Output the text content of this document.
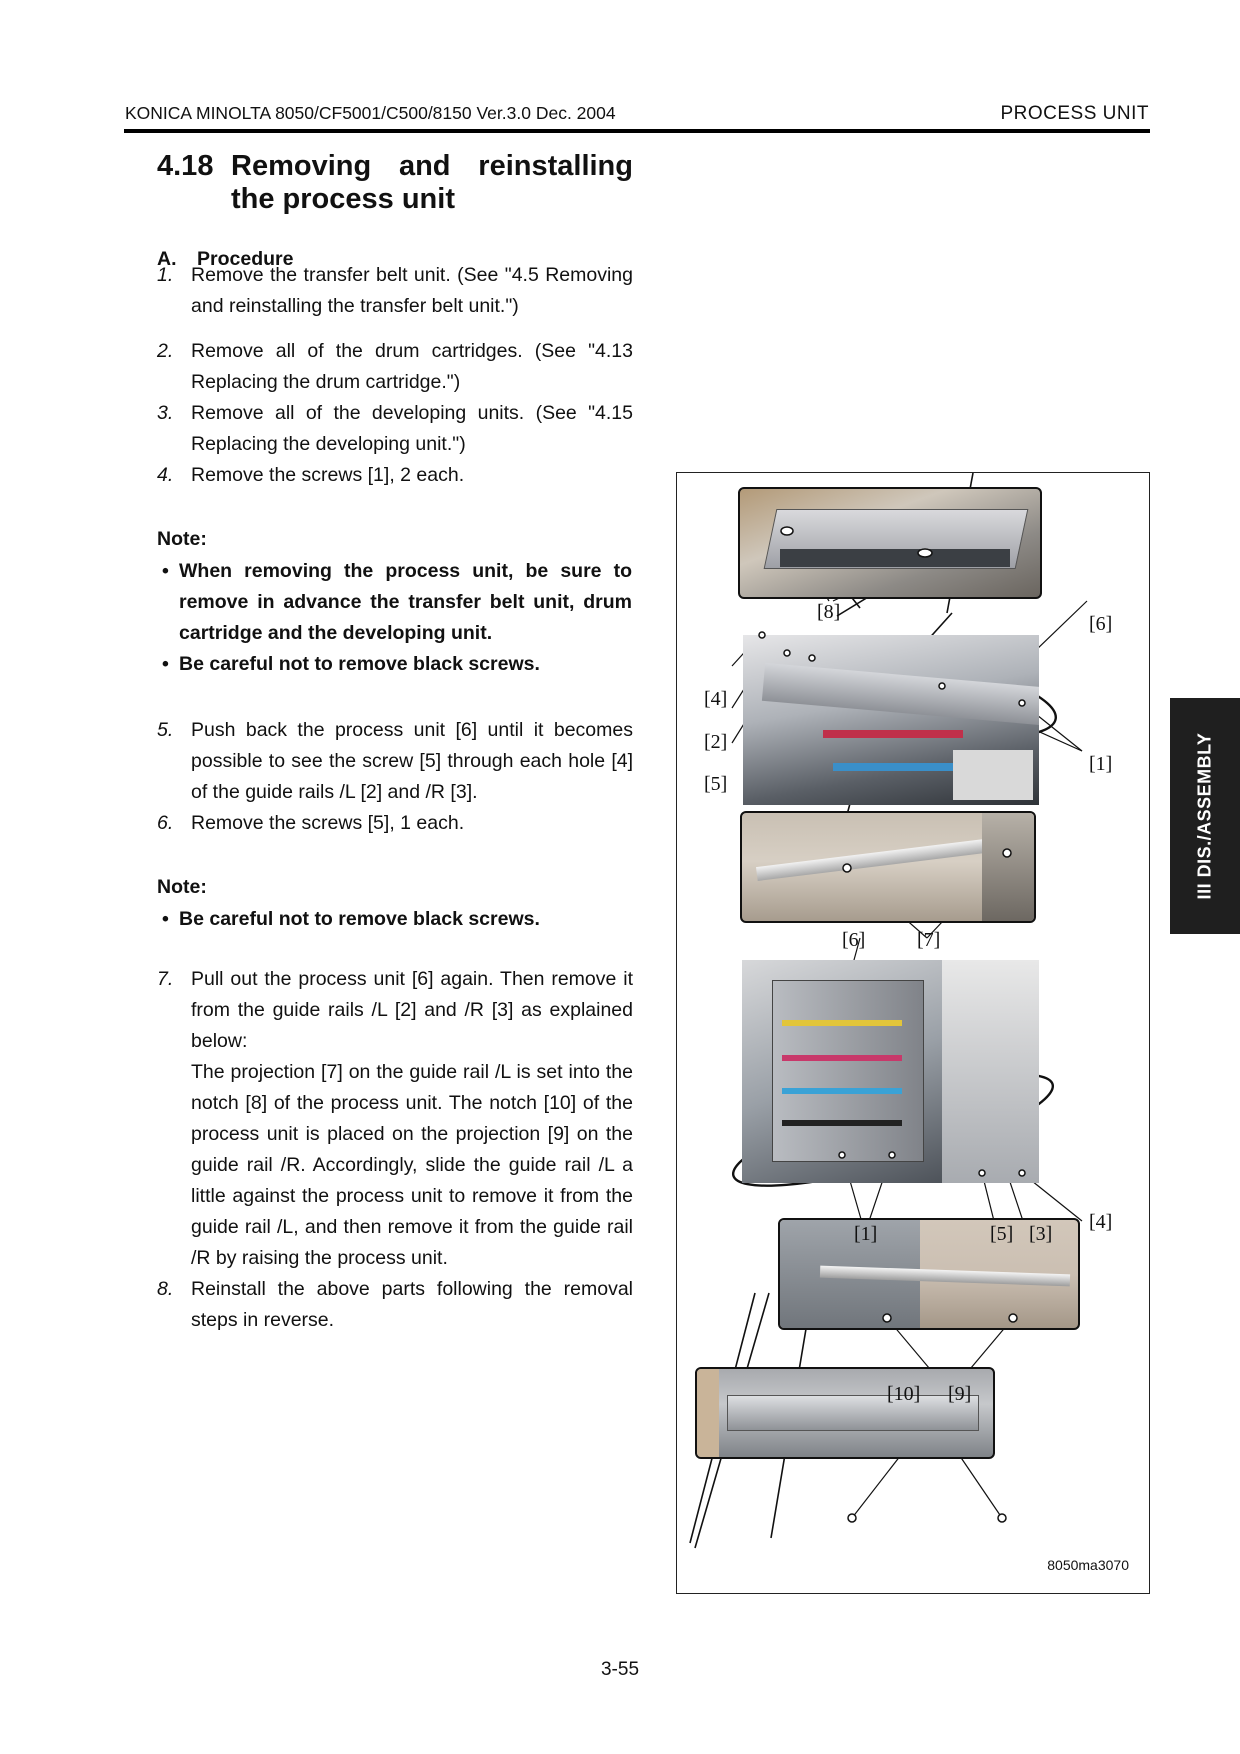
KONICA MINOLTA 8050/CF5001/C500/8150 Ver.3.0 Dec. 2004	PROCESS UNIT
4.18 Removing and reinstalling
the process unit
A. Procedure
1. Remove the transfer belt unit. (See "4.5 Removing and reinstalling the transfer belt unit.")
2. Remove all of the drum cartridges. (See "4.13 Replacing the drum cartridge.")
3. Remove all of the developing units. (See "4.15 Replacing the developing unit.")
4. Remove the screws [1], 2 each.
Note:
• When removing the process unit, be sure to remove in advance the transfer belt unit, drum cartridge and the developing unit.
• Be careful not to remove black screws.
5. Push back the process unit [6] until it becomes possible to see the screw [5] through each hole [4] of the guide rails /L [2] and /R [3].
6. Remove the screws [5], 1 each.
Note:
• Be careful not to remove black screws.
7. Pull out the process unit [6] again. Then remove it from the guide rails /L [2] and /R [3] as explained below:
The projection [7] on the guide rail /L is set into the notch [8] of the process unit. The notch [10] of the process unit is placed on the projection [9] on the guide rail /R. Accordingly, slide the guide rail /L a little against the process unit to remove it from the guide rail /L, and then remove it from the guide rail /R by raising the process unit.
8. Reinstall the above parts following the removal steps in reverse.
[8]
[6]
[4]
[2]
[5]
[1]
[6]	[7]
[4]
[1]	[5] [3]
[10] [9]
8050ma3070
III DIS./ASSEMBLY
3-55
